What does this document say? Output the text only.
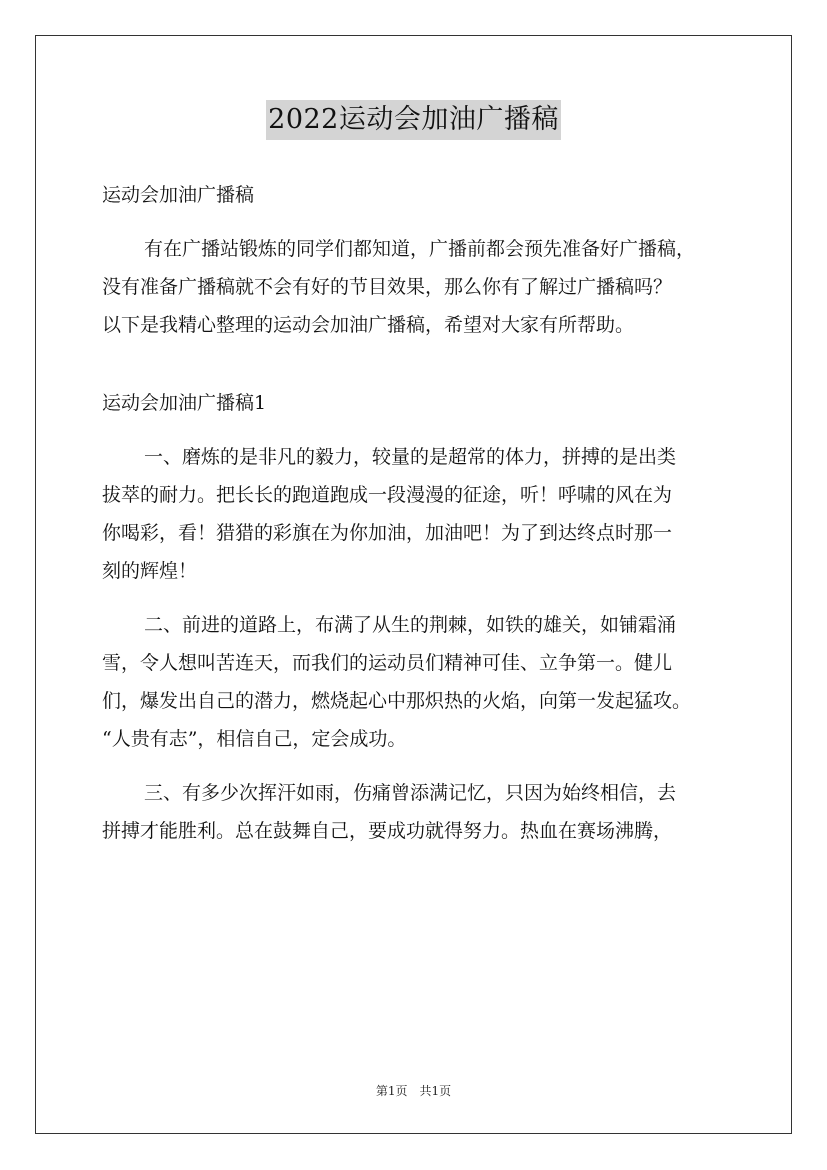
2022运动会加油广播稿
运动会加油广播稿
有在广播站锻炼的同学们都知道，广播前都会预先准备好广播稿，
没有准备广播稿就不会有好的节目效果，那么你有了解过广播稿吗？
以下是我精心整理的运动会加油广播稿，希望对大家有所帮助。
运动会加油广播稿1
一、磨炼的是非凡的毅力，较量的是超常的体力，拼搏的是出类
拔萃的耐力。把长长的跑道跑成一段漫漫的征途，听！呼啸的风在为
你喝彩，看！猎猎的彩旗在为你加油，加油吧！为了到达终点时那一
刻的辉煌！
二、前进的道路上，布满了从生的荆棘，如铁的雄关，如铺霜涌
雪，令人想叫苦连天，而我们的运动员们精神可佳、立争第一。健儿
们，爆发出自己的潜力，燃烧起心中那炽热的火焰，向第一发起猛攻。
“人贵有志”，相信自己，定会成功。
三、有多少次挥汗如雨，伤痛曾添满记忆，只因为始终相信，去
拼搏才能胜利。总在鼓舞自己，要成功就得努力。热血在赛场沸腾，
第1页　共1页
